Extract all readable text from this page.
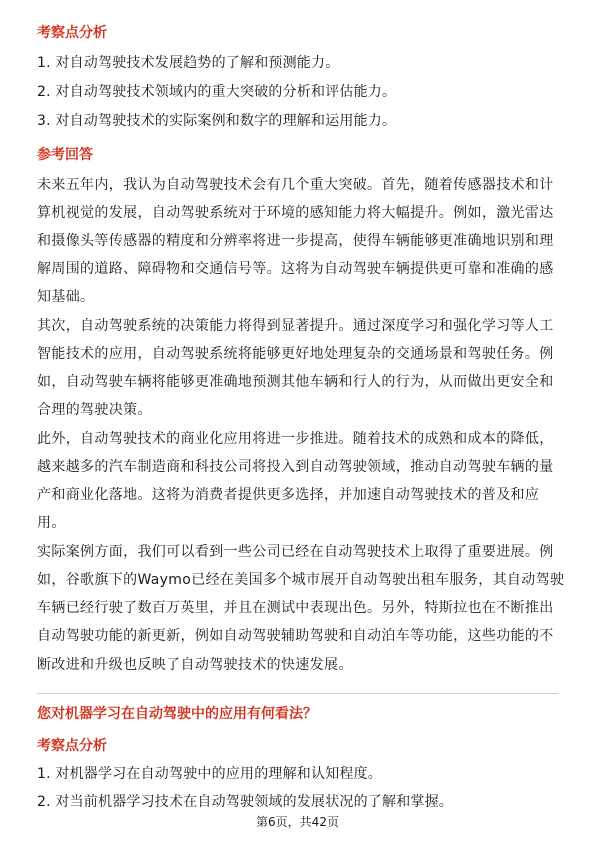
考察点分析
1. 对自动驾驶技术发展趋势的了解和预测能力。
2. 对自动驾驶技术领域内的重大突破的分析和评估能力。
3. 对自动驾驶技术的实际案例和数字的理解和运用能力。
参考回答
未来五年内，我认为自动驾驶技术会有几个重大突破。首先，随着传感器技术和计
算机视觉的发展，自动驾驶系统对于环境的感知能力将大幅提升。例如，激光雷达
和摄像头等传感器的精度和分辨率将进一步提高，使得车辆能够更准确地识别和理
解周围的道路、障碍物和交通信号等。这将为自动驾驶车辆提供更可靠和准确的感
知基础。
其次，自动驾驶系统的决策能力将得到显著提升。通过深度学习和强化学习等人工
智能技术的应用，自动驾驶系统将能够更好地处理复杂的交通场景和驾驶任务。例
如，自动驾驶车辆将能够更准确地预测其他车辆和行人的行为，从而做出更安全和
合理的驾驶决策。
此外，自动驾驶技术的商业化应用将进一步推进。随着技术的成熟和成本的降低，
越来越多的汽车制造商和科技公司将投入到自动驾驶领域，推动自动驾驶车辆的量
产和商业化落地。这将为消费者提供更多选择，并加速自动驾驶技术的普及和应
用。
实际案例方面，我们可以看到一些公司已经在自动驾驶技术上取得了重要进展。例
如，谷歌旗下的Waymo已经在美国多个城市展开自动驾驶出租车服务，其自动驾驶
车辆已经行驶了数百万英里，并且在测试中表现出色。另外，特斯拉也在不断推出
自动驾驶功能的新更新，例如自动驾驶辅助驾驶和自动泊车等功能，这些功能的不
断改进和升级也反映了自动驾驶技术的快速发展。
您对机器学习在自动驾驶中的应用有何看法？
考察点分析
1. 对机器学习在自动驾驶中的应用的理解和认知程度。
2. 对当前机器学习技术在自动驾驶领域的发展状况的了解和掌握。
第6页，共42页
